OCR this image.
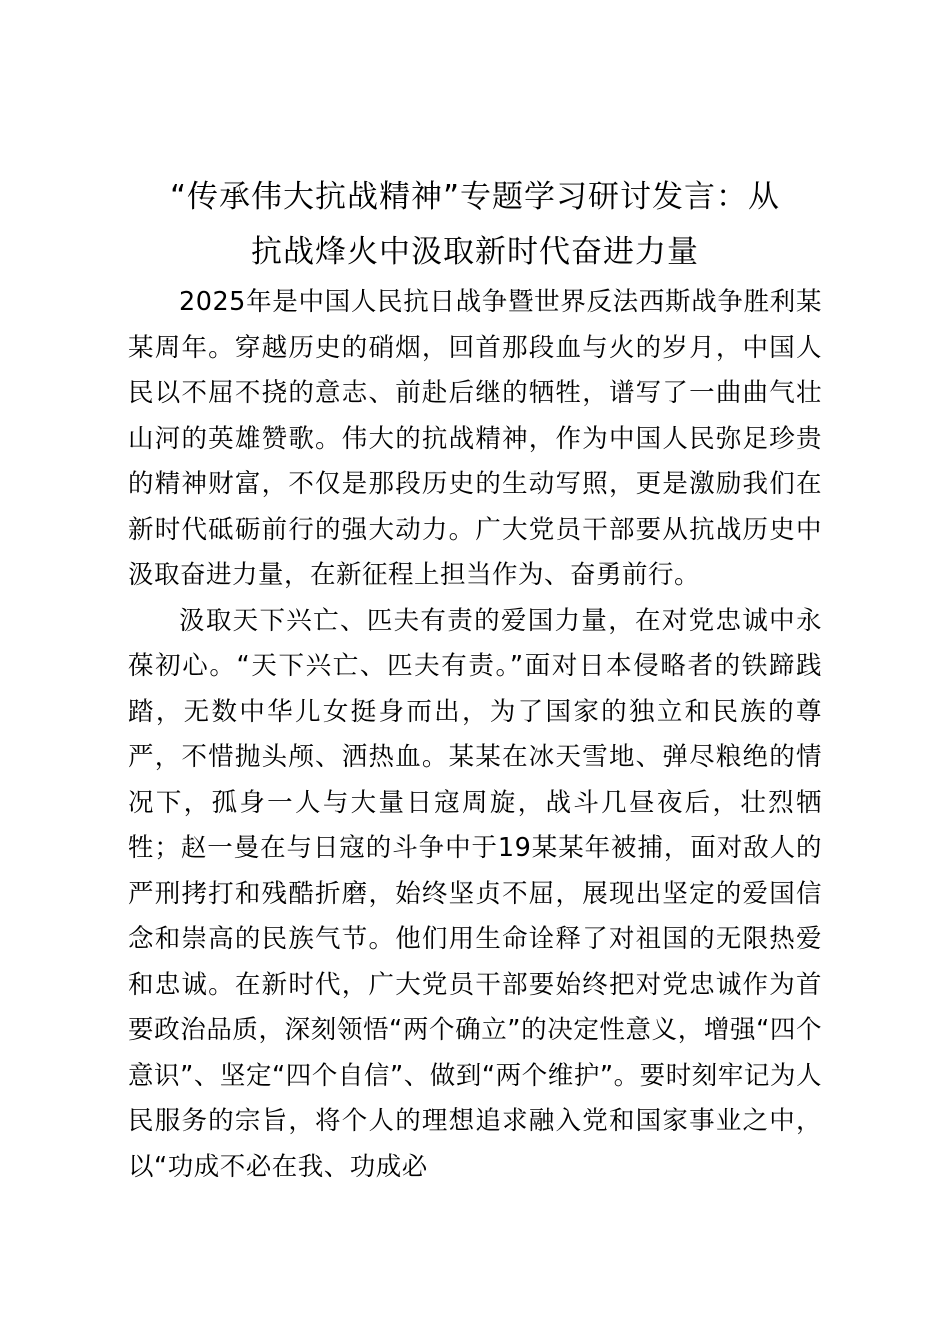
“传承伟大抗战精神”专题学习研讨发言：从
抗战烽火中汲取新时代奋进力量

2025年是中国人民抗日战争暨世界反法西斯战争胜利某某周年。穿越历史的硝烟，回首那段血与火的岁月，中国人民以不屈不挠的意志、前赴后继的牺牲，谱写了一曲曲气壮山河的英雄赞歌。伟大的抗战精神，作为中国人民弥足珍贵的精神财富，不仅是那段历史的生动写照，更是激励我们在新时代砥砺前行的强大动力。广大党员干部要从抗战历史中汲取奋进力量，在新征程上担当作为、奋勇前行。

汲取天下兴亡、匹夫有责的爱国力量，在对党忠诚中永葆初心。“天下兴亡、匹夫有责。”面对日本侵略者的铁蹄践踏，无数中华儿女挺身而出，为了国家的独立和民族的尊严，不惜抛头颅、洒热血。某某在冰天雪地、弹尽粮绝的情况下，孤身一人与大量日寇周旋，战斗几昼夜后，壮烈牺牲；赵一曼在与日寇的斗争中于19某某年被捕，面对敌人的严刑拷打和残酷折磨，始终坚贞不屈，展现出坚定的爱国信念和崇高的民族气节。他们用生命诠释了对祖国的无限热爱和忠诚。在新时代，广大党员干部要始终把对党忠诚作为首要政治品质，深刻领悟“两个确立”的决定性意义，增强“四个意识”、坚定“四个自信”、做到“两个维护”。要时刻牢记为人民服务的宗旨，将个人的理想追求融入党和国家事业之中，以“功成不必在我、功成必
